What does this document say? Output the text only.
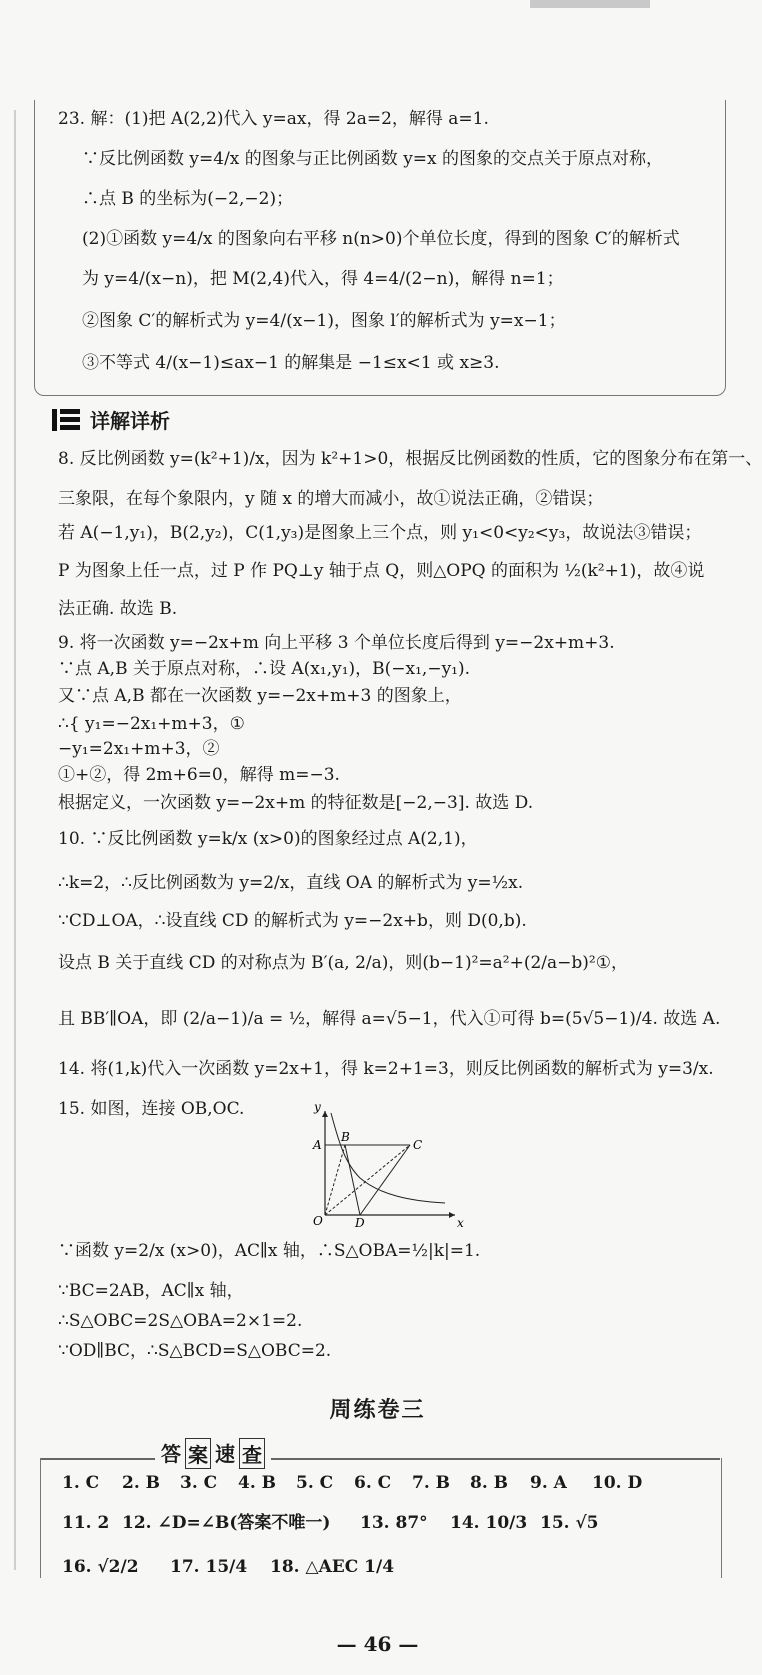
23. 解：(1)把 A(2,2)代入 y=ax，得 2a=2，解得 a=1.
∵反比例函数 y=4/x 的图象与正比例函数 y=x 的图象的交点关于原点对称，
∴点 B 的坐标为(−2,−2)；
(2)①函数 y=4/x 的图象向右平移 n(n>0)个单位长度，得到的图象 C′的解析式
为 y=4/(x−n)，把 M(2,4)代入，得 4=4/(2−n)，解得 n=1；
②图象 C′的解析式为 y=4/(x−1)，图象 l′的解析式为 y=x−1；
③不等式 4/(x−1)≤ax−1 的解集是 −1≤x<1 或 x≥3.
详解详析
8. 反比例函数 y=(k²+1)/x，因为 k²+1>0，根据反比例函数的性质，它的图象分布在第一、
三象限，在每个象限内，y 随 x 的增大而减小，故①说法正确，②错误；
若 A(−1,y₁)，B(2,y₂)，C(1,y₃)是图象上三个点，则 y₁<0<y₂<y₃，故说法③错误；
P 为图象上任一点，过 P 作 PQ⊥y 轴于点 Q，则△OPQ 的面积为 ½(k²+1)，故④说
法正确. 故选 B.
9. 将一次函数 y=−2x+m 向上平移 3 个单位长度后得到 y=−2x+m+3.
∵点 A,B 关于原点对称，∴设 A(x₁,y₁)，B(−x₁,−y₁).
又∵点 A,B 都在一次函数 y=−2x+m+3 的图象上，
∴{ y₁=−2x₁+m+3，①
−y₁=2x₁+m+3，②
①+②，得 2m+6=0，解得 m=−3.
根据定义，一次函数 y=−2x+m 的特征数是[−2,−3]. 故选 D.
10. ∵反比例函数 y=k/x (x>0)的图象经过点 A(2,1)，
∴k=2，∴反比例函数为 y=2/x，直线 OA 的解析式为 y=½x.
∵CD⊥OA，∴设直线 CD 的解析式为 y=−2x+b，则 D(0,b).
设点 B 关于直线 CD 的对称点为 B′(a, 2/a)，则(b−1)²=a²+(2/a−b)²①，
且 BB′∥OA，即 (2/a−1)/a = ½，解得 a=√5−1，代入①可得 b=(5√5−1)/4. 故选 A.
14. 将(1,k)代入一次函数 y=2x+1，得 k=2+1=3，则反比例函数的解析式为 y=3/x.
15. 如图，连接 OB,OC.	y
x
A
B
C
O	D
∵函数 y=2/x (x>0)，AC∥x 轴，∴S△OBA=½|k|=1.
∵BC=2AB，AC∥x 轴，
∴S△OBC=2S△OBA=2×1=2.
∵OD∥BC，∴S△BCD=S△OBC=2.
周练卷三
答 案 速 查
1. C 2. B 3. C 4. B 5. C 6. C 7. B 8. B 9. A 10. D
11. 2 12. ∠D=∠B(答案不唯一) 13. 87° 14. 10/3 15. √5
16. √2/2 17. 15/4 18. △AEC 1/4
— 46 —
